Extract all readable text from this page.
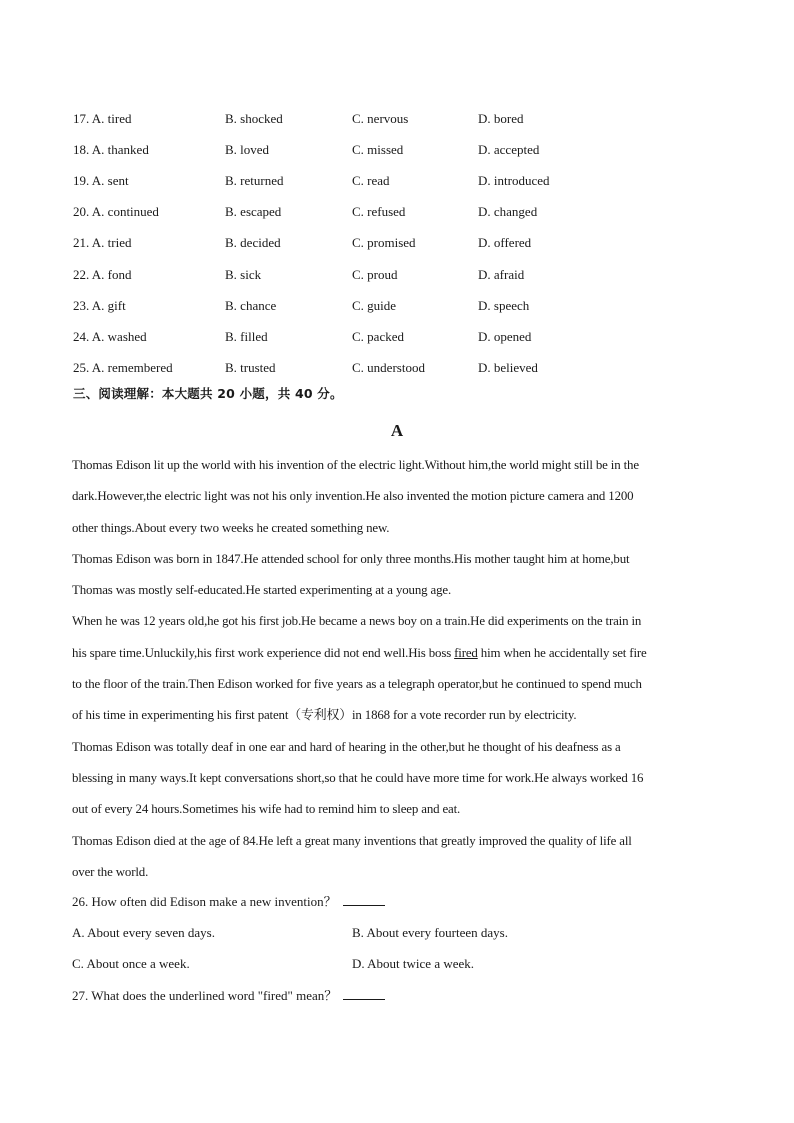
17. A. tired	B. shocked	C. nervous	D. bored
18. A. thanked	B. loved	C. missed	D. accepted
19. A. sent	B. returned	C. read	D. introduced
20. A. continued	B. escaped	C. refused	D. changed
21. A. tried	B. decided	C. promised	D. offered
22. A. fond	B. sick	C. proud	D. afraid
23. A. gift	B. chance	C. guide	D. speech
24. A. washed	B. filled	C. packed	D. opened
25. A. remembered	B. trusted	C. understood	D. believed
三、阅读理解：本大题共 20 小题，共 40 分。
A
Thomas Edison lit up the world with his invention of the electric light.Without him,the world might still be in the
dark.However,the electric light was not his only invention.He also invented the motion picture camera and 1200
other things.About every two weeks he created something new.
Thomas Edison was born in 1847.He attended school for only three months.His mother taught him at home,but
Thomas was mostly self-educated.He started experimenting at a young age.
When he was 12 years old,he got his first job.He became a news boy on a train.He did experiments on the train in
his spare time.Unluckily,his first work experience did not end well.His boss fired him when he accidentally set fire
to the floor of the train.Then Edison worked for five years as a telegraph operator,but he continued to spend much
of his time in experimenting his first patent（专利权）in 1868 for a vote recorder run by electricity.
Thomas Edison was totally deaf in one ear and hard of hearing in the other,but he thought of his deafness as a
blessing in many ways.It kept conversations short,so that he could have more time for work.He always worked 16
out of every 24 hours.Sometimes his wife had to remind him to sleep and eat.
Thomas Edison died at the age of 84.He left a great many inventions that greatly improved the quality of life all
over the world.
26. How often did Edison make a new invention？
A. About every seven days.	B. About every fourteen days.
C. About once a week.	D. About twice a week.
27. What does the underlined word "fired" mean？
